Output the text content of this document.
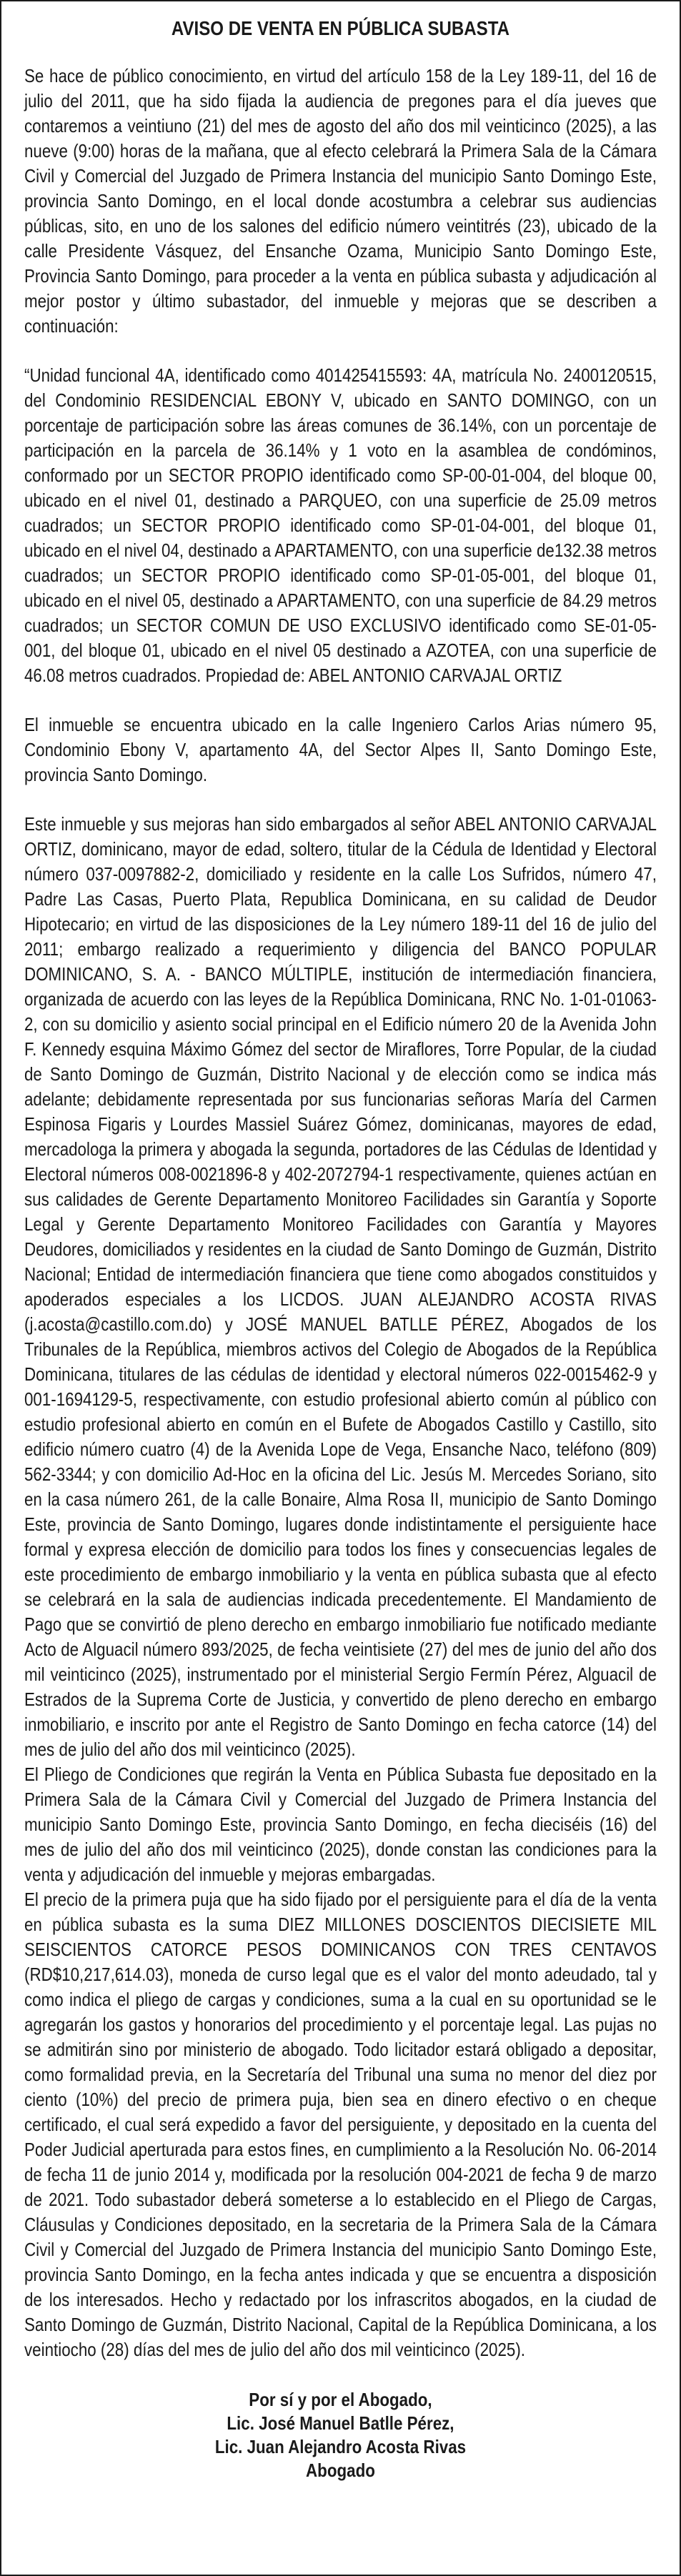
AVISO DE VENTA EN PÚBLICA SUBASTA

Se hace de público conocimiento, en virtud del artículo 158 de la Ley 189-11, del 16 de julio del 2011, que ha sido fijada la audiencia de pregones para el día jueves que contaremos a veintiuno (21) del mes de agosto del año dos mil veinticinco (2025), a las nueve (9:00) horas de la mañana, que al efecto celebrará la Primera Sala de la Cámara Civil y Comercial del Juzgado de Primera Instancia del municipio Santo Domingo Este, provincia Santo Domingo, en el local donde acostumbra a celebrar sus audiencias públicas, sito, en uno de los salones del edificio número veintitrés (23), ubicado de la calle Presidente Vásquez, del Ensanche Ozama, Municipio Santo Domingo Este, Provincia Santo Domingo, para proceder a la venta en pública subasta y adjudicación al mejor postor y último subastador, del inmueble y mejoras que se describen a continuación:

“Unidad funcional 4A, identificado como 401425415593: 4A, matrícula No. 2400120515, del Condominio RESIDENCIAL EBONY V, ubicado en SANTO DOMINGO, con un porcentaje de participación sobre las áreas comunes de 36.14%, con un porcentaje de participación en la parcela de 36.14% y 1 voto en la asamblea de condóminos, conformado por un SECTOR PROPIO identificado como SP-00-01-004, del bloque 00, ubicado en el nivel 01, destinado a PARQUEO, con una superficie de 25.09 metros cuadrados; un SECTOR PROPIO identificado como SP-01-04-001, del bloque 01, ubicado en el nivel 04, destinado a APARTAMENTO, con una superficie de132.38 metros cuadrados; un SECTOR PROPIO identificado como SP-01-05-001, del bloque 01, ubicado en el nivel 05, destinado a APARTAMENTO, con una superficie de 84.29 metros cuadrados; un SECTOR COMUN DE USO EXCLUSIVO identificado como SE-01-05-001, del bloque 01, ubicado en el nivel 05 destinado a AZOTEA, con una superficie de 46.08 metros cuadrados. Propiedad de: ABEL ANTONIO CARVAJAL ORTIZ

El inmueble se encuentra ubicado en la calle Ingeniero Carlos Arias número 95, Condominio Ebony V, apartamento 4A, del Sector Alpes II, Santo Domingo Este, provincia Santo Domingo.

Este inmueble y sus mejoras han sido embargados al señor ABEL ANTONIO CARVAJAL ORTIZ, dominicano, mayor de edad, soltero, titular de la Cédula de Identidad y Electoral número 037-0097882-2, domiciliado y residente en la calle Los Sufridos, número 47, Padre Las Casas, Puerto Plata, Republica Dominicana, en su calidad de Deudor Hipotecario; en virtud de las disposiciones de la Ley número 189-11 del 16 de julio del 2011; embargo realizado a requerimiento y diligencia del BANCO POPULAR DOMINICANO, S. A. - BANCO MÚLTIPLE, institución de intermediación financiera, organizada de acuerdo con las leyes de la República Dominicana, RNC No. 1-01-01063-2, con su domicilio y asiento social principal en el Edificio número 20 de la Avenida John F. Kennedy esquina Máximo Gómez del sector de Miraflores, Torre Popular, de la ciudad de Santo Domingo de Guzmán, Distrito Nacional y de elección como se indica más adelante; debidamente representada por sus funcionarias señoras María del Carmen Espinosa Figaris y Lourdes Massiel Suárez Gómez, dominicanas, mayores de edad, mercadologa la primera y abogada la segunda, portadores de las Cédulas de Identidad y Electoral números 008-0021896-8 y 402-2072794-1 respectivamente, quienes actúan en sus calidades de Gerente Departamento Monitoreo Facilidades sin Garantía y Soporte Legal y Gerente Departamento Monitoreo Facilidades con Garantía y Mayores Deudores, domiciliados y residentes en la ciudad de Santo Domingo de Guzmán, Distrito Nacional; Entidad de intermediación financiera que tiene como abogados constituidos y apoderados especiales a los LICDOS. JUAN ALEJANDRO ACOSTA RIVAS (j.acosta@castillo.com.do) y JOSÉ MANUEL BATLLE PÉREZ, Abogados de los Tribunales de la República, miembros activos del Colegio de Abogados de la República Dominicana, titulares de las cédulas de identidad y electoral números 022-0015462-9 y 001-1694129-5, respectivamente, con estudio profesional abierto común al público con estudio profesional abierto en común en el Bufete de Abogados Castillo y Castillo, sito edificio número cuatro (4) de la Avenida Lope de Vega, Ensanche Naco, teléfono (809) 562-3344; y con domicilio Ad-Hoc en la oficina del Lic. Jesús M. Mercedes Soriano, sito en la casa número 261, de la calle Bonaire, Alma Rosa II, municipio de Santo Domingo Este, provincia de Santo Domingo, lugares donde indistintamente el persiguiente hace formal y expresa elección de domicilio para todos los fines y consecuencias legales de este procedimiento de embargo inmobiliario y la venta en pública subasta que al efecto se celebrará en la sala de audiencias indicada precedentemente. El Mandamiento de Pago que se convirtió de pleno derecho en embargo inmobiliario fue notificado mediante Acto de Alguacil número 893/2025, de fecha veintisiete (27) del mes de junio del año dos mil veinticinco (2025), instrumentado por el ministerial Sergio Fermín Pérez, Alguacil de Estrados de la Suprema Corte de Justicia, y convertido de pleno derecho en embargo inmobiliario, e inscrito por ante el Registro de Santo Domingo en fecha catorce (14) del mes de julio del año dos mil veinticinco (2025).

El Pliego de Condiciones que regirán la Venta en Pública Subasta fue depositado en la Primera Sala de la Cámara Civil y Comercial del Juzgado de Primera Instancia del municipio Santo Domingo Este, provincia Santo Domingo, en fecha dieciséis (16) del mes de julio del año dos mil veinticinco (2025), donde constan las condiciones para la venta y adjudicación del inmueble y mejoras embargadas.

El precio de la primera puja que ha sido fijado por el persiguiente para el día de la venta en pública subasta es la suma DIEZ MILLONES DOSCIENTOS DIECISIETE MIL SEISCIENTOS CATORCE PESOS DOMINICANOS CON TRES CENTAVOS (RD$10,217,614.03), moneda de curso legal que es el valor del monto adeudado, tal y como indica el pliego de cargas y condiciones, suma a la cual en su oportunidad se le agregarán los gastos y honorarios del procedimiento y el porcentaje legal. Las pujas no se admitirán sino por ministerio de abogado. Todo licitador estará obligado a depositar, como formalidad previa, en la Secretaría del Tribunal una suma no menor del diez por ciento (10%) del precio de primera puja, bien sea en dinero efectivo o en cheque certificado, el cual será expedido a favor del persiguiente, y depositado en la cuenta del Poder Judicial aperturada para estos fines, en cumplimiento a la Resolución No. 06-2014 de fecha 11 de junio 2014 y, modificada por la resolución 004-2021 de fecha 9 de marzo de 2021. Todo subastador deberá someterse a lo establecido en el Pliego de Cargas, Cláusulas y Condiciones depositado, en la secretaria de la Primera Sala de la Cámara Civil y Comercial del Juzgado de Primera Instancia del municipio Santo Domingo Este, provincia Santo Domingo, en la fecha antes indicada y que se encuentra a disposición de los interesados. Hecho y redactado por los infrascritos abogados, en la ciudad de Santo Domingo de Guzmán, Distrito Nacional, Capital de la República Dominicana, a los veintiocho (28) días del mes de julio del año dos mil veinticinco (2025).

Por sí y por el Abogado,
Lic. José Manuel Batlle Pérez,
Lic. Juan Alejandro Acosta Rivas
Abogado
